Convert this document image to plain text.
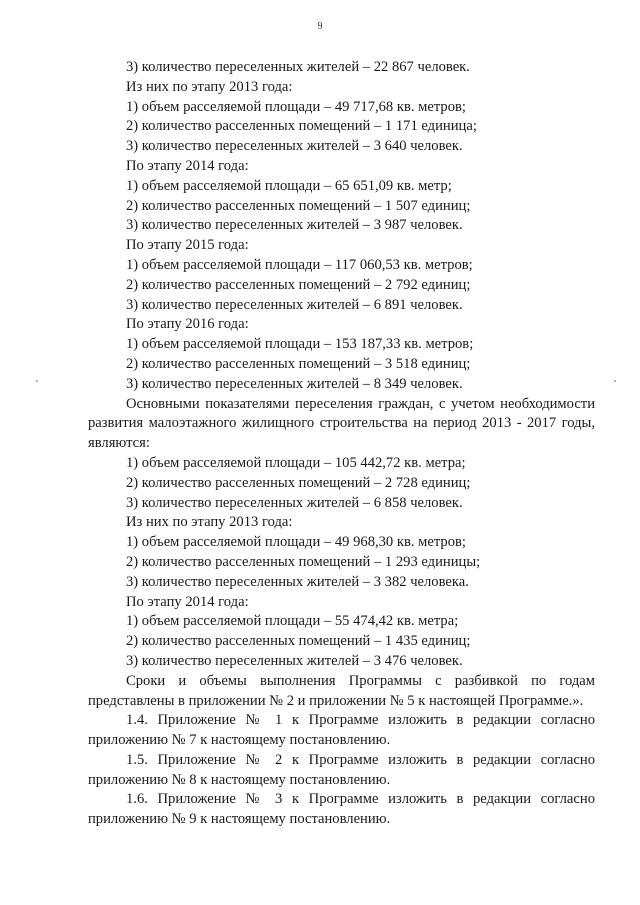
9
3) количество переселенных жителей – 22 867 человек.
Из них по этапу 2013 года:
1) объем расселяемой площади – 49 717,68 кв. метров;
2) количество расселенных помещений – 1 171 единица;
3) количество переселенных жителей – 3 640 человек.
По этапу 2014 года:
1) объем расселяемой площади – 65 651,09 кв. метр;
2) количество расселенных помещений – 1 507 единиц;
3) количество переселенных жителей – 3 987 человек.
По этапу 2015 года:
1) объем расселяемой площади – 117 060,53 кв. метров;
2) количество расселенных помещений – 2 792 единиц;
3) количество переселенных жителей – 6 891 человек.
По этапу 2016 года:
1) объем расселяемой площади – 153 187,33 кв. метров;
2) количество расселенных помещений – 3 518 единиц;
3) количество переселенных жителей – 8 349 человек.
Основными показателями переселения граждан, с учетом необходимости развития малоэтажного жилищного строительства на период 2013 - 2017 годы, являются:
1) объем расселяемой площади – 105 442,72 кв. метра;
2) количество расселенных помещений – 2 728 единиц;
3) количество переселенных жителей – 6 858 человек.
Из них по этапу 2013 года:
1) объем расселяемой площади – 49 968,30 кв. метров;
2) количество расселенных помещений – 1 293 единицы;
3) количество переселенных жителей – 3 382 человека.
По этапу 2014 года:
1) объем расселяемой площади – 55 474,42 кв. метра;
2) количество расселенных помещений – 1 435 единиц;
3) количество переселенных жителей – 3 476 человек.
Сроки и объемы выполнения Программы с разбивкой по годам представлены в приложении № 2 и приложении № 5 к настоящей Программе.».
1.4. Приложение № 1 к Программе изложить в редакции согласно приложению № 7 к настоящему постановлению.
1.5. Приложение № 2 к Программе изложить в редакции согласно приложению № 8 к настоящему постановлению.
1.6. Приложение № 3 к Программе изложить в редакции согласно приложению № 9 к настоящему постановлению.
